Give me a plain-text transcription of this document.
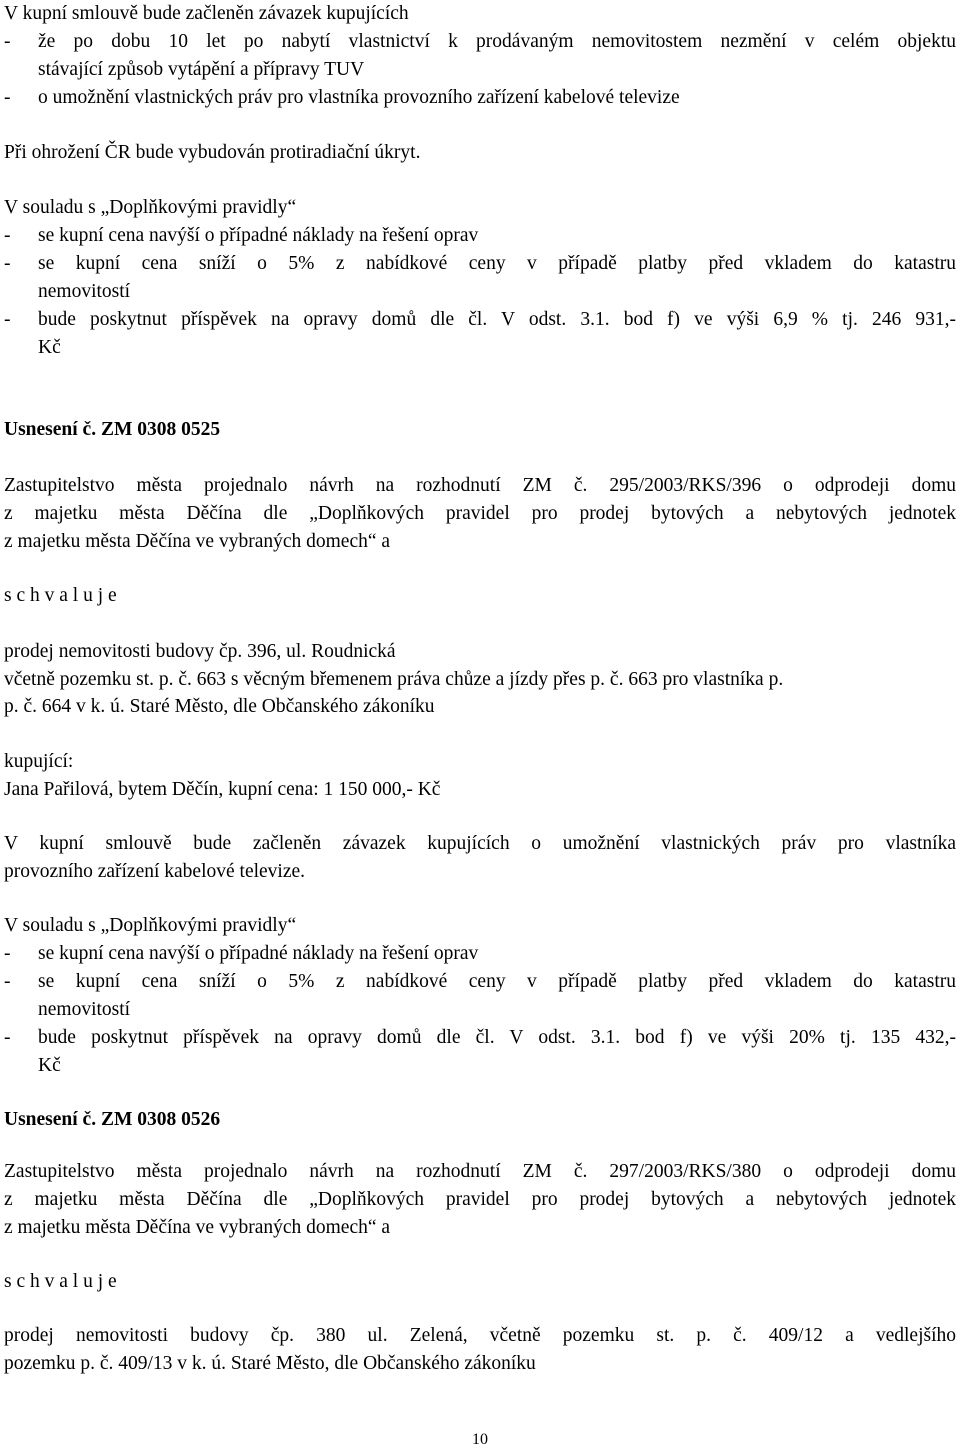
V kupní smlouvě bude začleněn závazek kupujících
- že po dobu 10 let po nabytí vlastnictví k prodávaným nemovitostem nezmění v celém objektu
stávající způsob vytápění a přípravy TUV
- o umožnění vlastnických práv pro vlastníka provozního zařízení kabelové televize
Při ohrožení ČR bude vybudován protiradiační úkryt.
V souladu s „Doplňkovými pravidly“
- se kupní cena navýší o případné náklady na řešení oprav
- se kupní cena sníží o 5% z nabídkové ceny v případě platby před vkladem do katastru
nemovitostí
- bude poskytnut příspěvek na opravy domů dle čl. V odst. 3.1. bod f) ve výši 6,9 % tj. 246 931,-
Kč
Usnesení č. ZM 0308 0525
Zastupitelstvo města projednalo návrh na rozhodnutí ZM č. 295/2003/RKS/396 o odprodeji domu
z majetku města Děčína dle „Doplňkových pravidel pro prodej bytových a nebytových jednotek
z majetku města Děčína ve vybraných domech“ a
s c h v a l u j e
prodej nemovitosti budovy čp. 396, ul. Roudnická
včetně pozemku st. p. č. 663 s věcným břemenem práva chůze a jízdy přes p. č. 663 pro vlastníka p.
p. č. 664 v k. ú. Staré Město, dle Občanského zákoníku
kupující:
Jana Pařilová, bytem Děčín, kupní cena: 1 150 000,- Kč
V kupní smlouvě bude začleněn závazek kupujících o umožnění vlastnických práv pro vlastníka
provozního zařízení kabelové televize.
V souladu s „Doplňkovými pravidly“
- se kupní cena navýší o případné náklady na řešení oprav
- se kupní cena sníží o 5% z nabídkové ceny v případě platby před vkladem do katastru
nemovitostí
- bude poskytnut příspěvek na opravy domů dle čl. V odst. 3.1. bod f) ve výši 20% tj. 135 432,-
Kč
Usnesení č. ZM 0308 0526
Zastupitelstvo města projednalo návrh na rozhodnutí ZM č. 297/2003/RKS/380 o odprodeji domu
z majetku města Děčína dle „Doplňkových pravidel pro prodej bytových a nebytových jednotek
z majetku města Děčína ve vybraných domech“ a
s c h v a l u j e
prodej nemovitosti budovy čp. 380 ul. Zelená, včetně pozemku st. p. č. 409/12 a vedlejšího
pozemku p. č. 409/13 v k. ú. Staré Město, dle Občanského zákoníku
10
